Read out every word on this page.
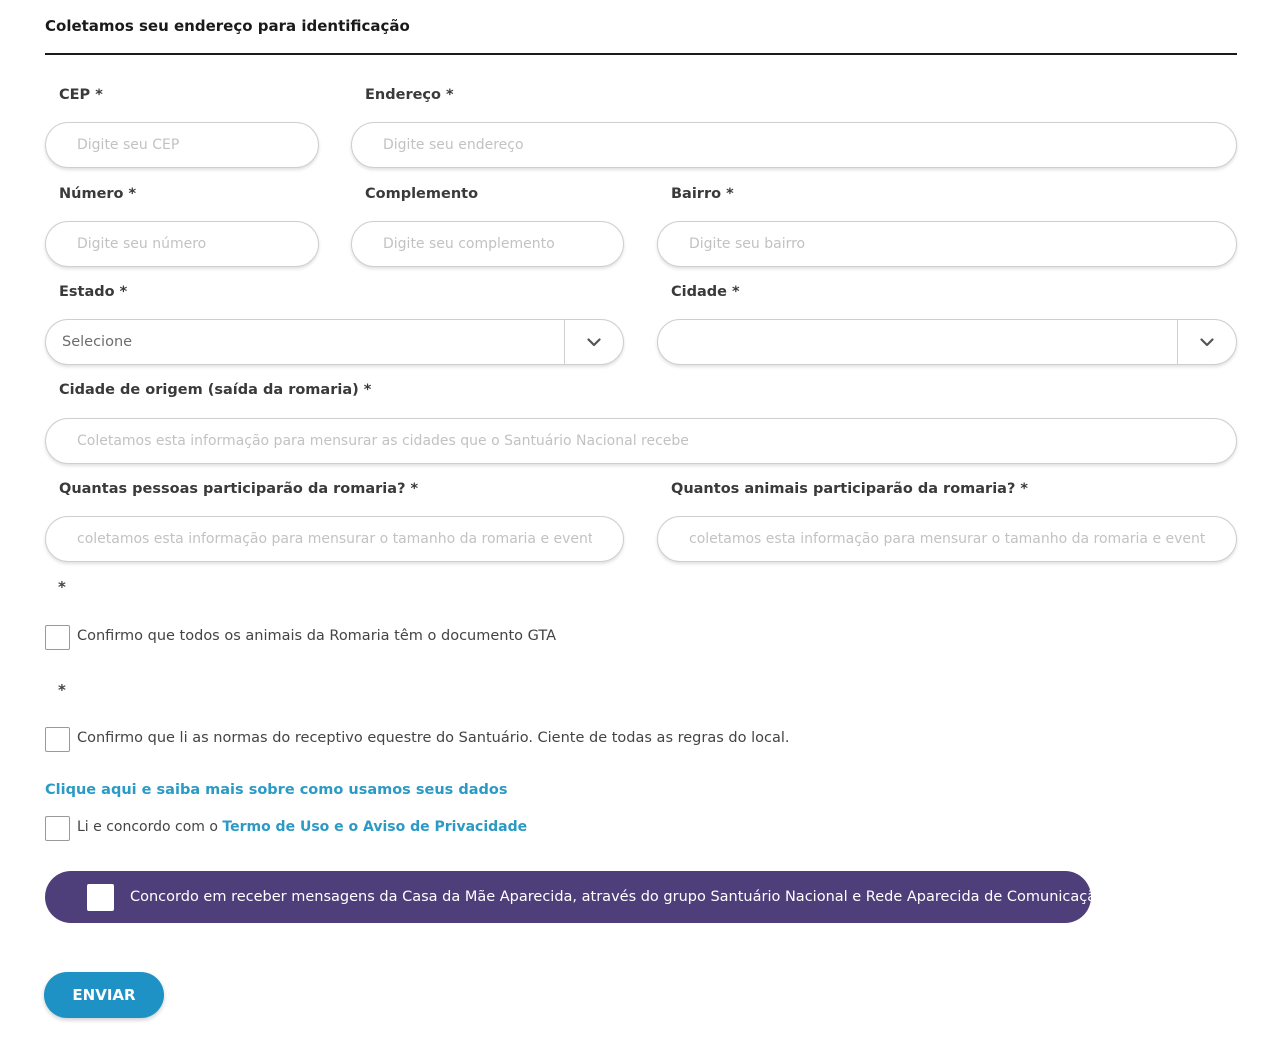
Coletamos seu endereço para identificação
CEP *
Digite seu CEP	Endereço *
Digite seu endereço
Número *
Digite seu número	Complemento
Digite seu complemento	Bairro *
Digite seu bairro
Estado *
Selecione
Cidade *
Cidade de origem (saída da romaria) *
Coletamos esta informação para mensurar as cidades que o Santuário Nacional recebe
Quantas pessoas participarão da romaria? *
coletamos esta informação para mensurar o tamanho da romaria e eventos	Quantos animais participarão da romaria? *
coletamos esta informação para mensurar o tamanho da romaria e eventos
*
Confirmo que todos os animais da Romaria têm o documento GTA
*
Confirmo que li as normas do receptivo equestre do Santuário. Ciente de todas as regras do local.
Clique aqui e saiba mais sobre como usamos seus dados
Li e concordo com o Termo de Uso e o Aviso de Privacidade
Concordo em receber mensagens da Casa da Mãe Aparecida, através do grupo Santuário Nacional e Rede Aparecida de Comunicação
ENVIAR
